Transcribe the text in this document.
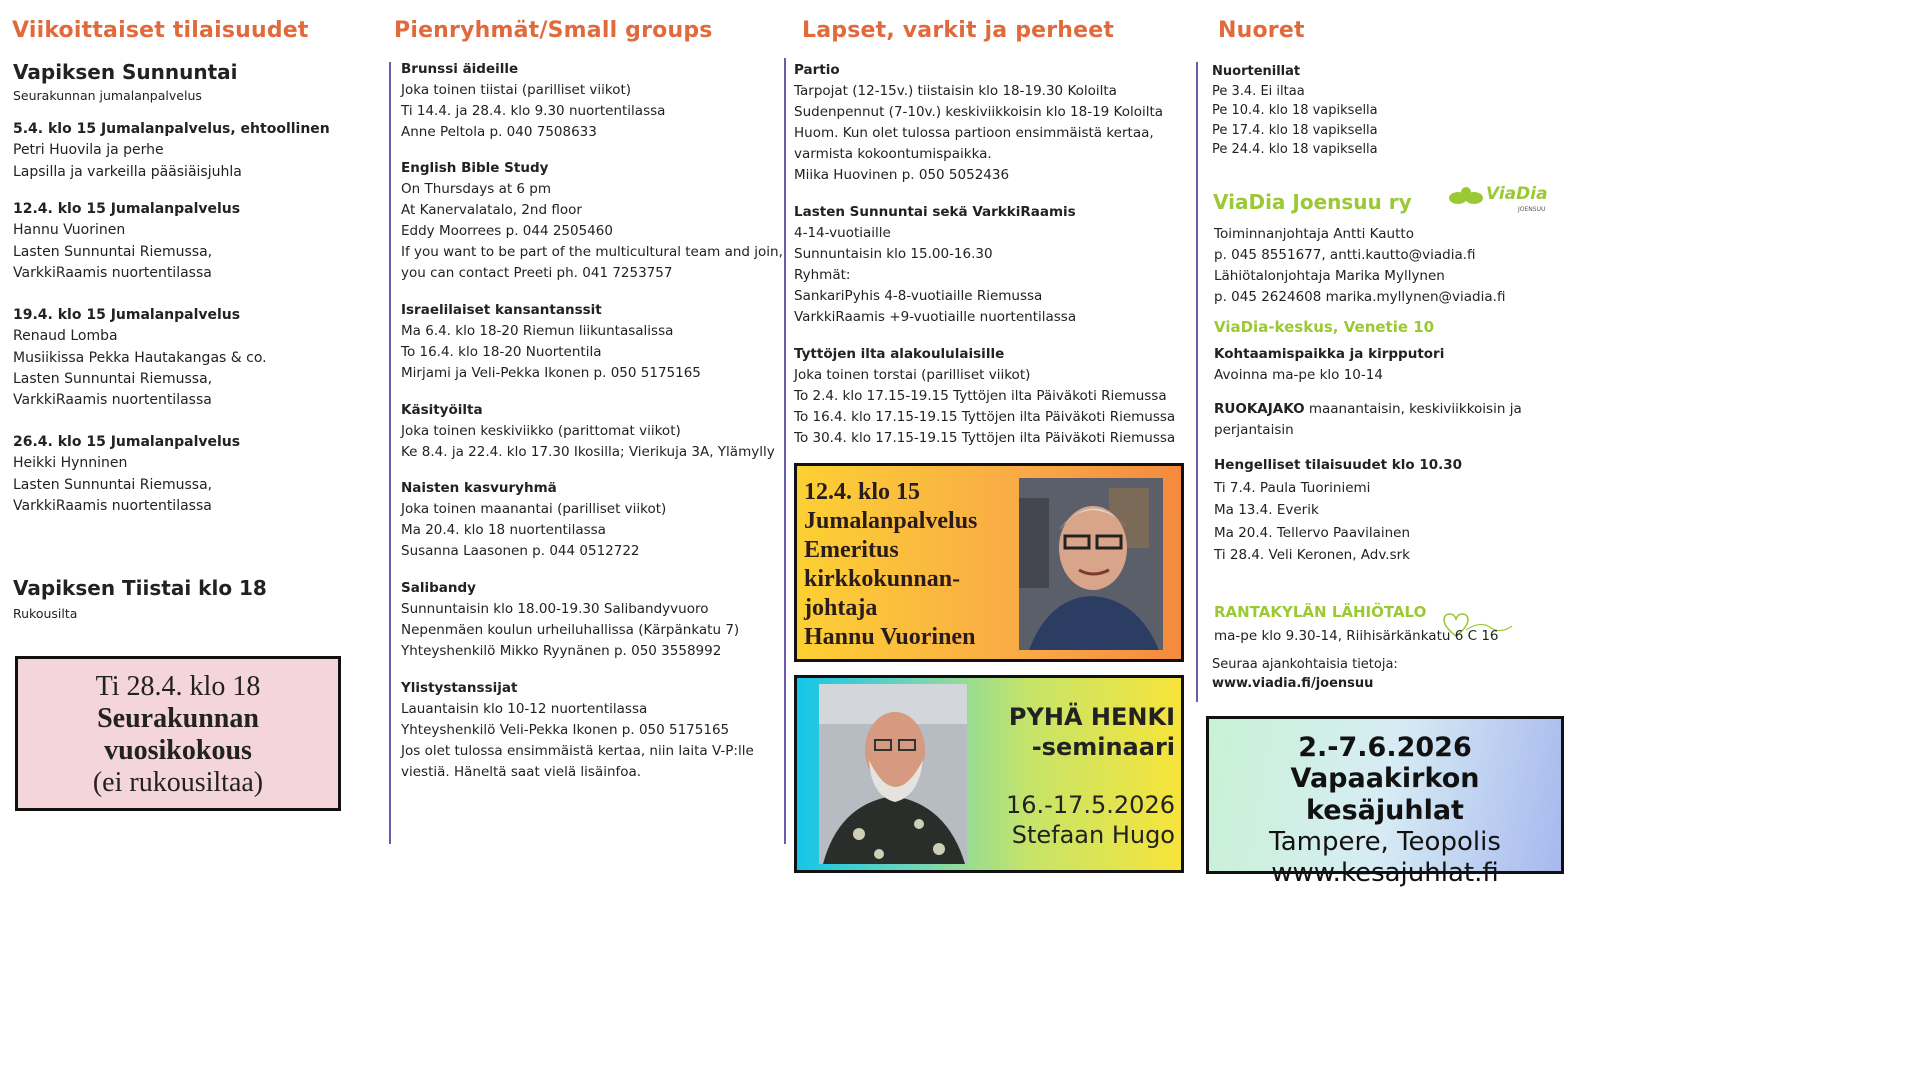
Viikoittaiset tilaisuudet
Vapiksen Sunnuntai
Seurakunnan jumalanpalvelus
5.4. klo 15 Jumalanpalvelus, ehtoollinen
Petri Huovila ja perhe
Lapsilla ja varkeilla pääsiäisjuhla
12.4. klo 15 Jumalanpalvelus
Hannu Vuorinen
Lasten Sunnuntai Riemussa,
VarkkiRaamis nuortentilassa
19.4. klo 15 Jumalanpalvelus
Renaud Lomba
Musiikissa Pekka Hautakangas & co.
Lasten Sunnuntai Riemussa,
VarkkiRaamis nuortentilassa
26.4. klo 15 Jumalanpalvelus
Heikki Hynninen
Lasten Sunnuntai Riemussa,
VarkkiRaamis nuortentilassa
Vapiksen Tiistai klo 18
Rukousilta
Ti 28.4. klo 18
Seurakunnan
vuosikokous
(ei rukousiltaa)
Pienryhmät/Small groups
Brunssi äideille
Joka toinen tiistai (parilliset viikot)
Ti 14.4. ja 28.4. klo 9.30 nuortentilassa
Anne Peltola p. 040 7508633
English Bible Study
On Thursdays at 6 pm
At Kanervalatalo, 2nd floor
Eddy Moorrees p. 044 2505460
If you want to be part of the multicultural team and join,
you can contact Preeti ph. 041 7253757
Israelilaiset kansantanssit
Ma 6.4. klo 18-20 Riemun liikuntasalissa
To 16.4. klo 18-20 Nuortentila
Mirjami ja Veli-Pekka Ikonen p. 050 5175165
Käsityöilta
Joka toinen keskiviikko (parittomat viikot)
Ke 8.4. ja 22.4. klo 17.30 Ikosilla; Vierikuja 3A, Ylämylly
Naisten kasvuryhmä
Joka toinen maanantai (parilliset viikot)
Ma 20.4. klo 18 nuortentilassa
Susanna Laasonen p. 044 0512722
Salibandy
Sunnuntaisin klo 18.00-19.30 Salibandyvuoro
Nepenmäen koulun urheiluhallissa (Kärpänkatu 7)
Yhteyshenkilö Mikko Ryynänen p. 050 3558992
Ylistystanssijat
Lauantaisin klo 10-12 nuortentilassa
Yhteyshenkilö Veli-Pekka Ikonen p. 050 5175165
Jos olet tulossa ensimmäistä kertaa, niin laita V-P:lle
viestiä. Häneltä saat vielä lisäinfoa.
Lapset, varkit ja perheet
Partio
Tarpojat (12-15v.) tiistaisin klo 18-19.30 Koloilta
Sudenpennut (7-10v.) keskiviikkoisin klo 18-19 Koloilta
Huom. Kun olet tulossa partioon ensimmäistä kertaa,
varmista kokoontumispaikka.
Miika Huovinen p. 050 5052436
Lasten Sunnuntai sekä VarkkiRaamis
4-14-vuotiaille
Sunnuntaisin klo 15.00-16.30
Ryhmät:
SankariPyhis 4-8-vuotiaille Riemussa
VarkkiRaamis +9-vuotiaille nuortentilassa
Tyttöjen ilta alakoululaisille
Joka toinen torstai (parilliset viikot)
To 2.4. klo 17.15-19.15 Tyttöjen ilta Päiväkoti Riemussa
To 16.4. klo 17.15-19.15 Tyttöjen ilta Päiväkoti Riemussa
To 30.4. klo 17.15-19.15 Tyttöjen ilta Päiväkoti Riemussa
12.4. klo 15
Jumalanpalvelus
Emeritus
kirkkokunnan-
johtaja
Hannu Vuorinen
PYHÄ HENKI
-seminaari
16.-17.5.2026
Stefaan Hugo
Nuoret
Nuortenillat
Pe 3.4. Ei iltaa
Pe 10.4. klo 18 vapiksella
Pe 17.4. klo 18 vapiksella
Pe 24.4. klo 18 vapiksella
ViaDia Joensuu ry	ViaDia
JOENSUU
Toiminnanjohtaja Antti Kautto
p. 045 8551677, antti.kautto@viadia.fi
Lähiötalonjohtaja Marika Myllynen
p. 045 2624608 marika.myllynen@viadia.fi
ViaDia-keskus, Venetie 10
Kohtaamispaikka ja kirpputori
Avoinna ma-pe klo 10-14
RUOKAJAKO maanantaisin, keskiviikkoisin ja
perjantaisin
Hengelliset tilaisuudet klo 10.30
Ti 7.4. Paula Tuoriniemi
Ma 13.4. Everik
Ma 20.4. Tellervo Paavilainen
Ti 28.4. Veli Keronen, Adv.srk
RANTAKYLÄN LÄHIÖTALO
ma-pe klo 9.30-14, Riihisärkänkatu 6 C 16
Seuraa ajankohtaisia tietoja:
www.viadia.fi/joensuu
2.-7.6.2026
Vapaakirkon kesäjuhlat
Tampere, Teopolis
www.kesajuhlat.fi
